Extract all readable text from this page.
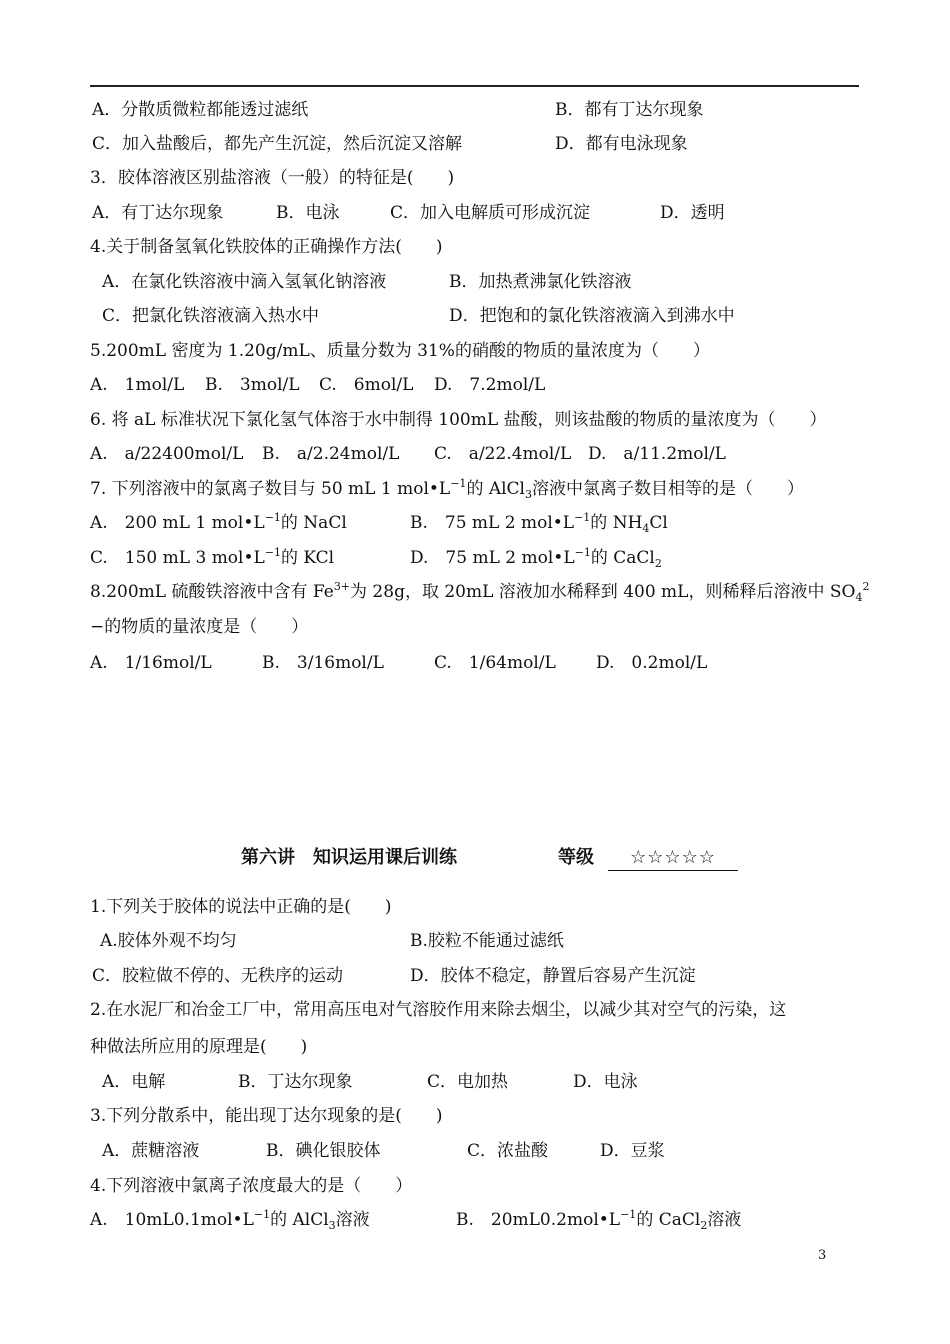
A．分散质微粒都能透过滤纸	B．都有丁达尔现象
C．加入盐酸后，都先产生沉淀，然后沉淀又溶解	D．都有电泳现象
3．胶体溶液区别盐溶液（一般）的特征是(　　)
A．有丁达尔现象	B．电泳	C．加入电解质可形成沉淀	D．透明
4.关于制备氢氧化铁胶体的正确操作方法(　　)
A．在氯化铁溶液中滴入氢氧化钠溶液	B．加热煮沸氯化铁溶液
C．把氯化铁溶液滴入热水中	D．把饱和的氯化铁溶液滴入到沸水中
5.200mL 密度为 1.20g/mL、质量分数为 31%的硝酸的物质的量浓度为（　　）
A.　1mol/L B.　3mol/L C.　6mol/L D.　7.2mol/L
6. 将 aL 标准状况下氯化氢气体溶于水中制得 100mL 盐酸，则该盐酸的物质的量浓度为（　　）
A.　a/22400mol/L B.　a/2.24mol/L C.　a/22.4mol/L D.　a/11.2mol/L
7. 下列溶液中的氯离子数目与 50 mL 1 $mol•L^{-1}$的 AlCl$_3$溶液中氯离子数目相等的是（　　）
A.　200 mL 1 $mol•L^{-1}$的 NaCl	B.　75 mL 2 $mol•L^{-1}$的 $NH_4Cl$
C.　150 mL 3 $mol•L^{-1}$的 KCl	D.　75 mL 2 $mol•L^{-1}$的 CaCl$_2$
8.200mL 硫酸铁溶液中含有 $Fe^{3+}$为 28g，取 20mL 溶液加水稀释到 400 mL，则稀释后溶液中 $SO_4^2$
−的物质的量浓度是（　　）
A.　1/16mol/L	B.　3/16mol/L	C.　1/64mol/L D.　0.2mol/L
第六讲　知识运用课后训练	等级	☆☆☆☆☆
1.下列关于胶体的说法中正确的是(　　)
A.胶体外观不均匀	B.胶粒不能通过滤纸
C．胶粒做不停的、无秩序的运动	D．胶体不稳定，静置后容易产生沉淀
2.在水泥厂和冶金工厂中，常用高压电对气溶胶作用来除去烟尘，以减少其对空气的污染，这
种做法所应用的原理是(　　)
A．电解	B．丁达尔现象	C．电加热	D．电泳
3.下列分散系中，能出现丁达尔现象的是(　　)
A．蔗糖溶液	B．碘化银胶体	C．浓盐酸	D．豆浆
4.下列溶液中氯离子浓度最大的是（　　）
A.　$10mL0.1mol•L^{-1}$的 AlCl$_3$溶液	B.　$20mL0.2mol•L^{-1}$的 CaCl$_2$溶液
3
